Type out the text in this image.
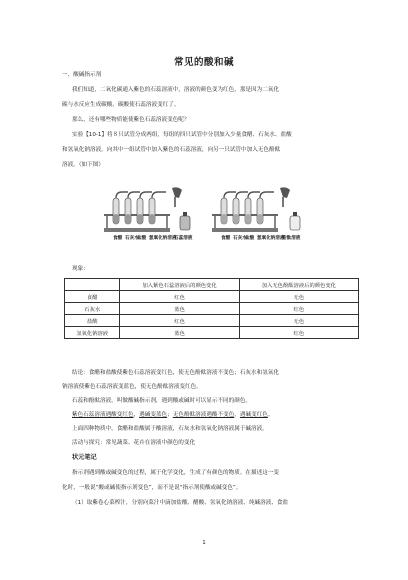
常见的酸和碱
一、酸碱指示剂
我们知道，二氧化碳通入紫色的石蕊溶液中，溶液的颜色变为红色，那是因为二氧化
碳与水反应生成碳酸，碳酸使石蕊溶液变红了。
那么，还有哪些物质能使紫色石蕊溶液变色呢？
实验【10-1】将８只试管分成两组，每组的四只试管中分别加入少量食醋、石灰水、盐酸
和氢氧化钠溶液，向其中一组试管中加入紫色的石蕊溶液，向另一只试管中加入无色酚酞
溶液。（如下图）
食醋 石灰水
盐酸 氢氧化钠溶液
石蕊溶液	食醋 石灰水
盐酸 氢氧化钠溶液
酚酞溶液
现象：
	加入紫色石蕊溶液后的颜色变化	加入无色酚酞溶液后的颜色变化
食醋	红色	无色
石灰水	蓝色	红色
盐酸	红色	无色
氢氧化钠溶液	蓝色	红色
结论：食醋和盐酸使紫色石蕊溶液变红色，使无色酚酞溶液不变色；石灰水和氢氧化
钠溶液使紫色石蕊溶液变蓝色，使无色酚酞溶液变红色。
石蕊和酚酞溶液，叫做酸碱指示剂，遇到酸或碱时可以显示不同的颜色。
紫色石蕊溶液遇酸变红色，遇碱变蓝色；无色酚酞溶液遇酸不变色，遇碱变红色。
上面四种物质中，食醋和盐酸属于酸溶液，石灰水和氢氧化钠溶液属于碱溶液。
活动与探究：常见蔬菜、花卉在溶液中颜色的变化
状元笔记
指示剂遇到酸或碱变色的过程，属于化学变化，生成了有颜色的物质。在描述这一变
化时，一般说“酸或碱使指示剂变色”，而不是说“指示剂使酸或碱变色”。
（1）取紫卷心菜榨汁，分别向菜汁中滴加盐酸、醋酸、氢氧化钠溶液、纯碱溶液、食盐
1
